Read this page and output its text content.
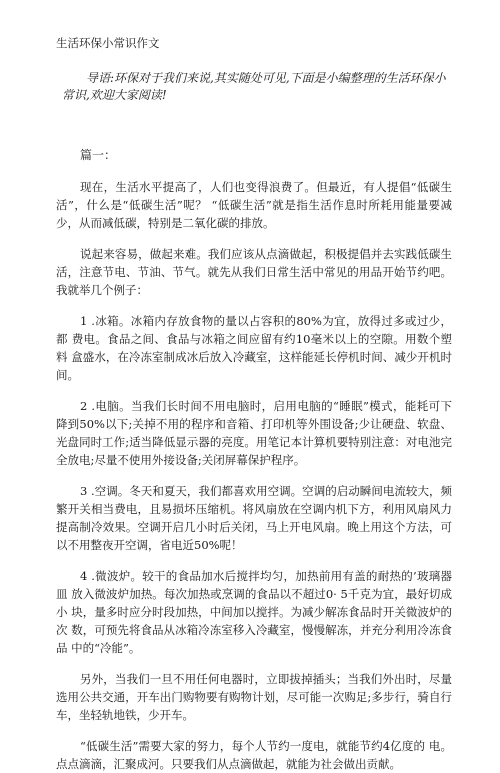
生活环保小常识作文

导语:环保对于我们来说,其实随处可见,下面是小编整理的生活环保小 常识,欢迎大家阅读!

篇一：

现在，生活水平提高了，人们也变得浪费了。但最近，有人提倡“低碳生活”，什么是“低碳生活”呢？ “低碳生活”就是指生活作息时所耗用能量要减少，从而减低碳，特别是二氧化碳的排放。

说起来容易，做起来难。我们应该从点滴做起，积极提倡并去实践低碳生 活，注意节电、节油、节气。就先从我们日常生活中常见的用品开始节约吧。 我就举几个例子：

1 .冰箱。冰箱内存放食物的量以占容积的80%为宜，放得过多或过少，都 费电。食品之间、食品与冰箱之间应留有约10毫米以上的空隙。用数个塑料 盒盛水，在冷冻室制成冰后放入冷藏室，这样能延长停机时间、减少开机时 间。

2 .电脑。当我们长时间不用电脑时，启用电脑的“睡眠”模式，能耗可下 降到50%以下;关掉不用的程序和音箱、打印机等外围设备;少让硬盘、软盘、 光盘同时工作;适当降低显示器的亮度。用笔记本计算机要特别注意：对电池完 全放电;尽量不使用外接设备;关闭屏幕保护程序。

3 .空调。冬天和夏天，我们都喜欢用空调。空调的启动瞬间电流较大，频 繁开关相当费电，且易损坏压缩机。将风扇放在空调内机下方，利用风扇风力 提高制冷效果。空调开启几小时后关闭，马上开电风扇。晚上用这个方法，可 以不用整夜开空调，省电近50%呢！

4 .微波炉。较干的食品加水后搅拌均匀，加热前用有盖的耐热的’玻璃器皿 放入微波炉加热。每次加热或烹调的食品以不超过0· 5千克为宜，最好切成小 块，量多时应分时段加热，中间加以搅拌。为减少解冻食品时开关微波炉的次 数，可预先将食品从冰箱冷冻室移入冷藏室，慢慢解冻，并充分利用冷冻食品 中的“冷能”。

另外，当我们一旦不用任何电器时，立即拔掉插头；当我们外出时，尽量选用公共交通，开车出门购物要有购物计划，尽可能一次购足;多步行，骑自行 车，坐轻轨地铁，少开车。

“低碳生活”需要大家的努力，每个人节约一度电，就能节约4亿度的 电。点点滴滴，汇聚成河。只要我们从点滴做起，就能为社会做出贡献。
